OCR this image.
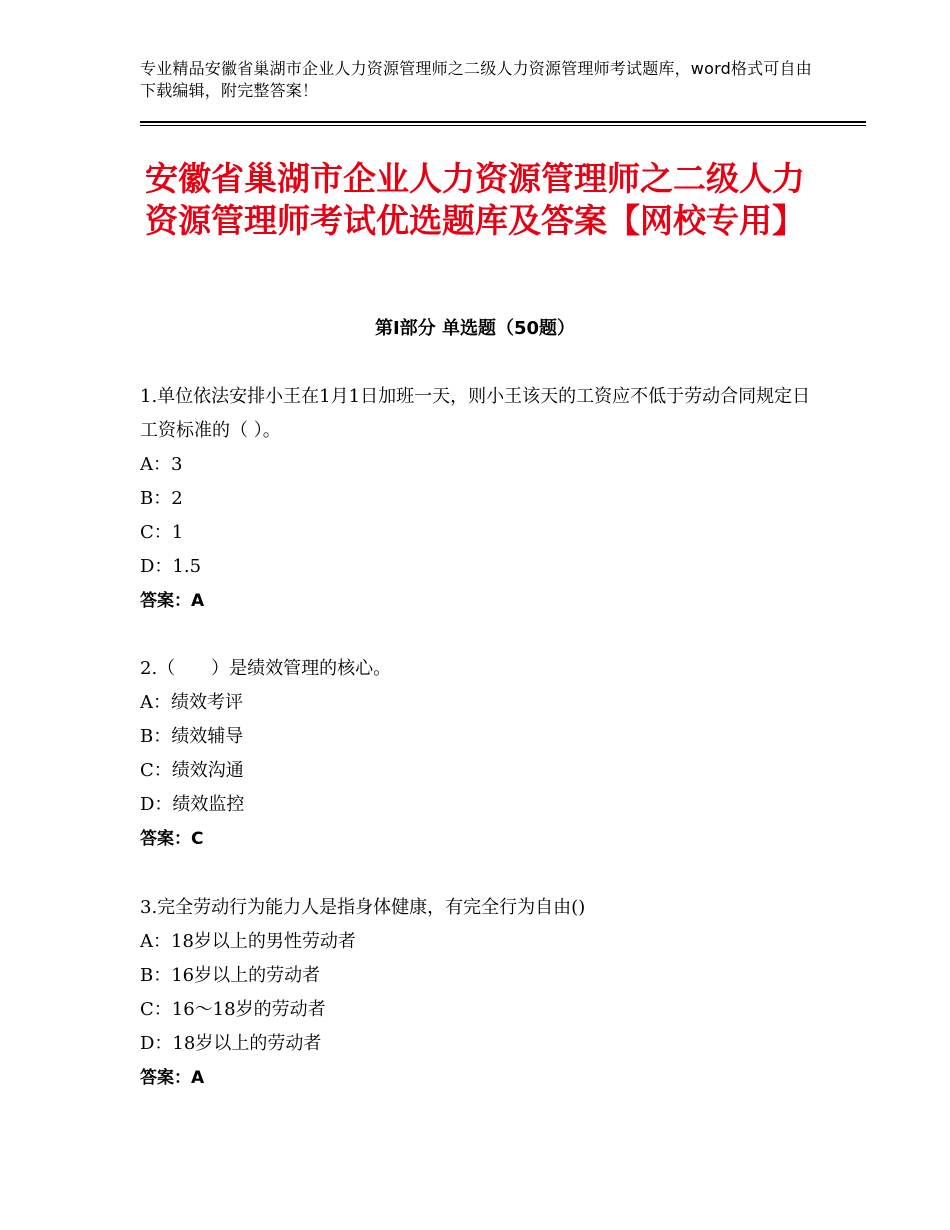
专业精品安徽省巢湖市企业人力资源管理师之二级人力资源管理师考试题库，word格式可自由下载编辑，附完整答案！
安徽省巢湖市企业人力资源管理师之二级人力资源管理师考试优选题库及答案【网校专用】
第Ⅰ部分 单选题（50题）

1.单位依法安排小王在1月1日加班一天，则小王该天的工资应不低于劳动合同规定日工资标准的（ ）。

A：3

B：2

C：1

D：1.5

答案：A

2.（　　）是绩效管理的核心。

A：绩效考评

B：绩效辅导

C：绩效沟通

D：绩效监控

答案：C

3.完全劳动行为能力人是指身体健康，有完全行为自由()

A：18岁以上的男性劳动者

B：16岁以上的劳动者

C：16～18岁的劳动者

D：18岁以上的劳动者

答案：A
